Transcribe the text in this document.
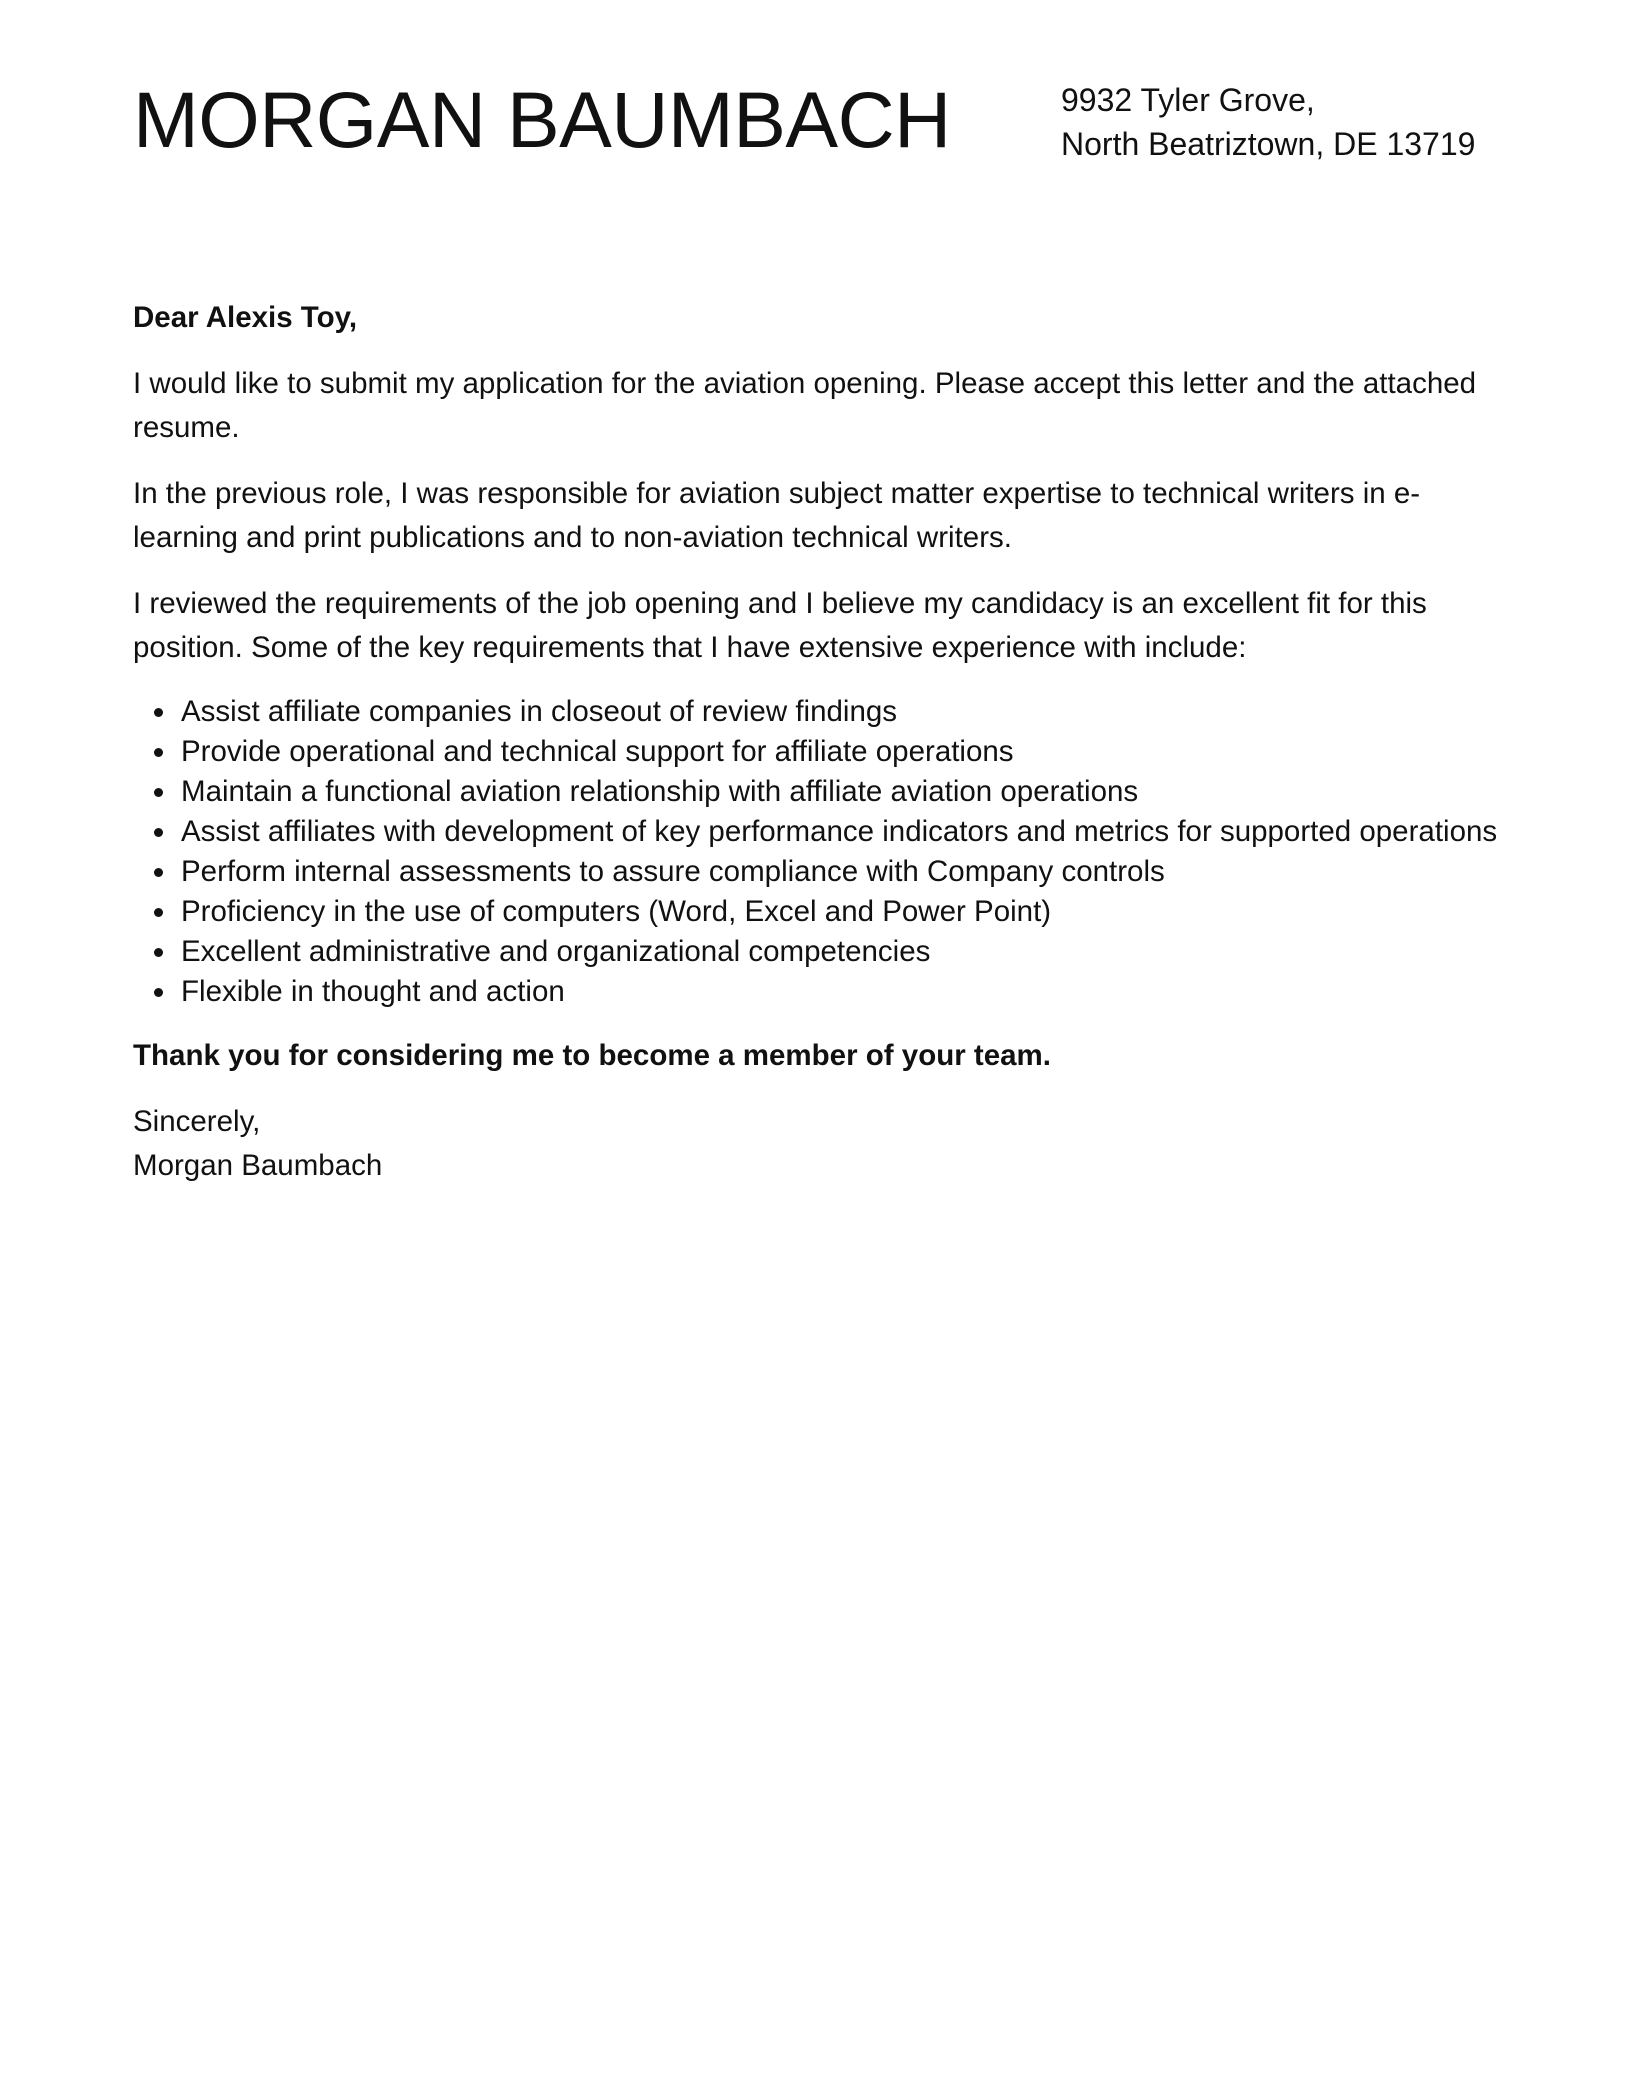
MORGAN BAUMBACH	9932 Tyler Grove,
North Beatriztown, DE 13719

Dear Alexis Toy,

I would like to submit my application for the aviation opening. Please accept this letter and the attached resume.

In the previous role, I was responsible for aviation subject matter expertise to technical writers in e-learning and print publications and to non-aviation technical writers.

I reviewed the requirements of the job opening and I believe my candidacy is an excellent fit for this position. Some of the key requirements that I have extensive experience with include:

Assist affiliate companies in closeout of review findings
Provide operational and technical support for affiliate operations
Maintain a functional aviation relationship with affiliate aviation operations
Assist affiliates with development of key performance indicators and metrics for supported operations
Perform internal assessments to assure compliance with Company controls
Proficiency in the use of computers (Word, Excel and Power Point)
Excellent administrative and organizational competencies
Flexible in thought and action

Thank you for considering me to become a member of your team.

Sincerely,
Morgan Baumbach
